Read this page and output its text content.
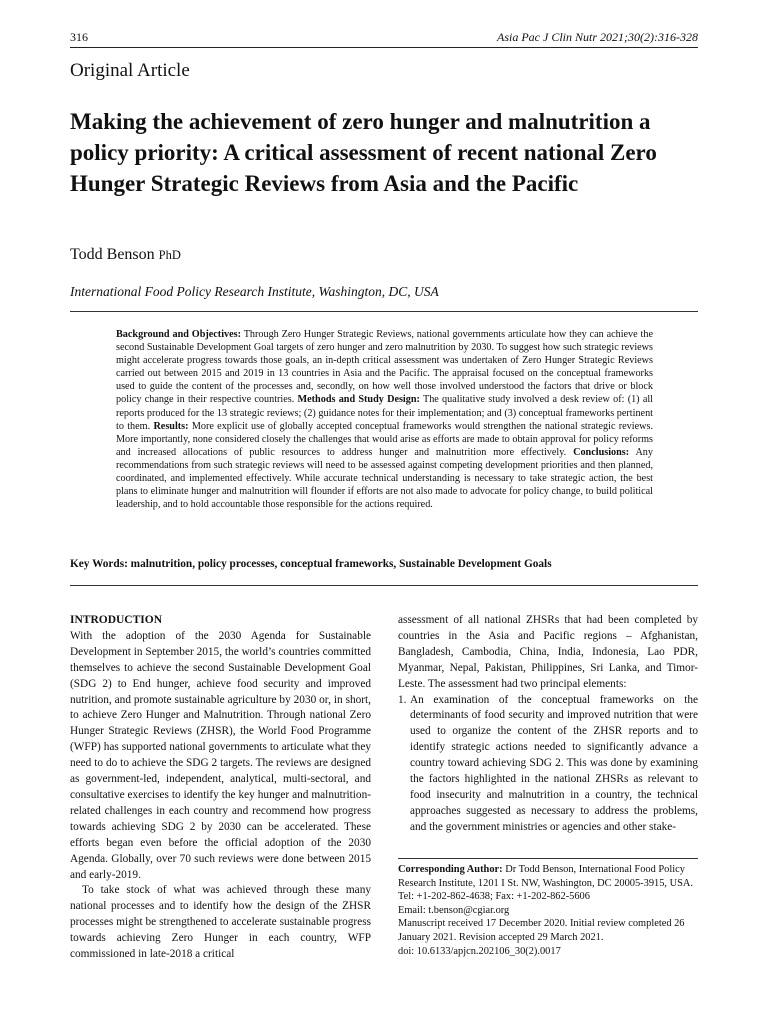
316	Asia Pac J Clin Nutr 2021;30(2):316-328
Original Article
Making the achievement of zero hunger and malnutrition a policy priority: A critical assessment of recent national Zero Hunger Strategic Reviews from Asia and the Pacific
Todd Benson PhD
International Food Policy Research Institute, Washington, DC, USA
Background and Objectives: Through Zero Hunger Strategic Reviews, national governments articulate how they can achieve the second Sustainable Development Goal targets of zero hunger and zero malnutrition by 2030. To suggest how such strategic reviews might accelerate progress towards those goals, an in-depth critical assessment was undertaken of Zero Hunger Strategic Reviews carried out between 2015 and 2019 in 13 countries in Asia and the Pacific. The appraisal focused on the conceptual frameworks used to guide the content of the processes and, secondly, on how well those involved understood the factors that drive or block policy change in their respective countries. Methods and Study Design: The qualitative study involved a desk review of: (1) all reports produced for the 13 strategic reviews; (2) guidance notes for their implementation; and (3) conceptual frameworks pertinent to them. Results: More explicit use of globally accepted conceptual frameworks would strengthen the national strategic reviews. More importantly, none considered closely the challenges that would arise as efforts are made to obtain approval for policy reforms and increased allocations of public resources to address hunger and malnutrition more effectively. Conclusions: Any recommendations from such strategic reviews will need to be assessed against competing development priorities and then planned, coordinated, and implemented effectively. While accurate technical understanding is necessary to take strategic action, the best plans to eliminate hunger and malnutrition will flounder if efforts are not also made to advocate for policy change, to build political leadership, and to hold accountable those responsible for the actions required.
Key Words: malnutrition, policy processes, conceptual frameworks, Sustainable Development Goals
INTRODUCTION

With the adoption of the 2030 Agenda for Sustainable Development in September 2015, the world’s countries committed themselves to achieve the second Sustainable Development Goal (SDG 2) to End hunger, achieve food security and improved nutrition, and promote sustainable agriculture by 2030 or, in short, to achieve Zero Hunger and Malnutrition. Through national Zero Hunger Strategic Reviews (ZHSR), the World Food Programme (WFP) has supported national governments to articulate what they need to do to achieve the SDG 2 targets. The reviews are designed as government-led, independent, analytical, multi-sectoral, and consultative exercises to identify the key hunger and malnutrition-related challenges in each country and recommend how progress towards achieving SDG 2 by 2030 can be accelerated. These efforts began even before the official adoption of the 2030 Agenda. Globally, over 70 such reviews were done between 2015 and early-2019.

To take stock of what was achieved through these many national processes and to identify how the design of the ZHSR processes might be strengthened to accelerate sustainable progress towards achieving Zero Hunger in each country, WFP commissioned in late-2018 a critical

assessment of all national ZHSRs that had been completed by countries in the Asia and Pacific regions – Afghanistan, Bangladesh, Cambodia, China, India, Indonesia, Lao PDR, Myanmar, Nepal, Pakistan, Philippines, Sri Lanka, and Timor-Leste. The assessment had two principal elements:

1. An examination of the conceptual frameworks on the determinants of food security and improved nutrition that were used to organize the content of the ZHSR reports and to identify strategic actions needed to significantly advance a country toward achieving SDG 2. This was done by examining the factors highlighted in the national ZHSRs as relevant to food insecurity and malnutrition in a country, the technical approaches suggested as necessary to address the problems, and the government ministries or agencies and other stake-
Corresponding Author: Dr Todd Benson, International Food Policy Research Institute, 1201 I St. NW, Washington, DC 20005-3915, USA.
Tel: +1-202-862-4638; Fax: +1-202-862-5606
Email: t.benson@cgiar.org
Manuscript received 17 December 2020. Initial review completed 26 January 2021. Revision accepted 29 March 2021.
doi: 10.6133/apjcn.202106_30(2).0017
